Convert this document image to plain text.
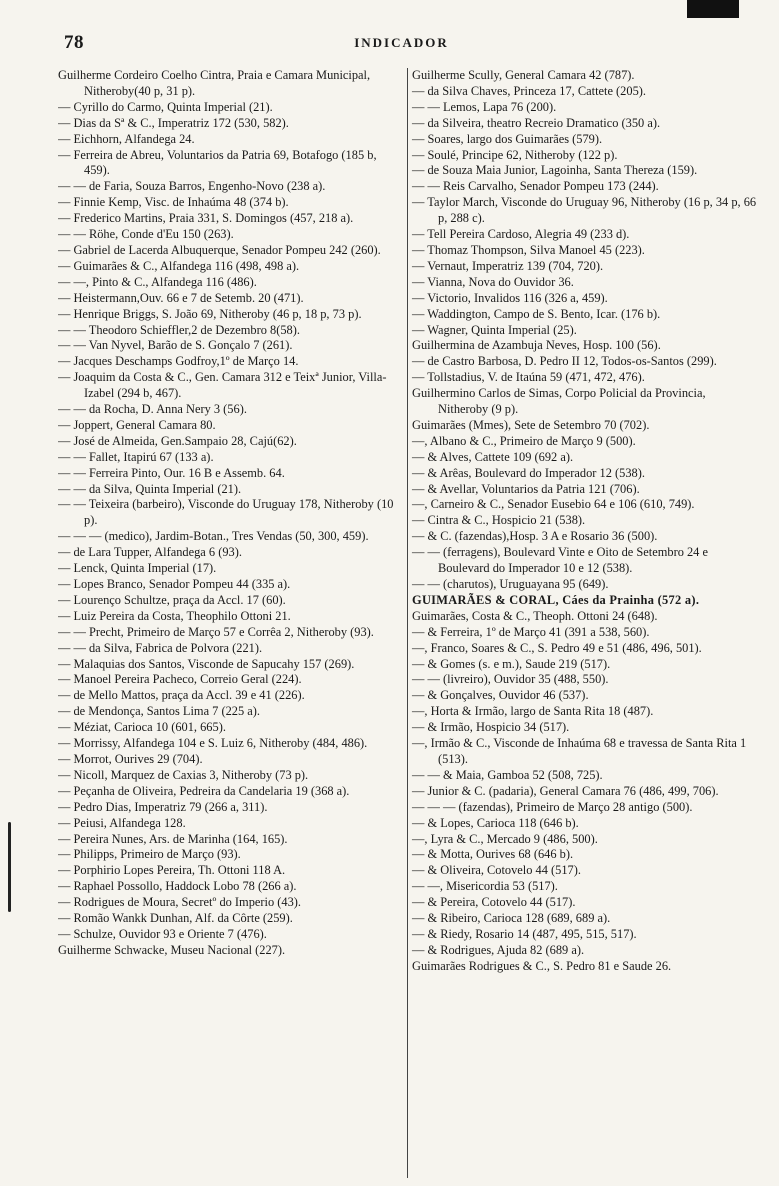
78	INDICADOR
Guilherme Cordeiro Coelho Cintra, Praia e Camara Municipal, Nitheroby(40 p, 31 p).
— Cyrillo do Carmo, Quinta Imperial (21).
— Dias da Sª & C., Imperatriz 172 (530, 582).
— Eichhorn, Alfandega 24.
— Ferreira de Abreu, Voluntarios da Patria 69, Botafogo (185 b, 459).
— — de Faria, Souza Barros, Engenho-Novo (238 a).
— Finnie Kemp, Visc. de Inhaúma 48 (374 b).
— Frederico Martins, Praia 331, S. Domingos (457, 218 a).
— — Röhe, Conde d'Eu 150 (263).
— Gabriel de Lacerda Albuquerque, Senador Pompeu 242 (260).
— Guimarães & C., Alfandega 116 (498, 498 a).
— —, Pinto & C., Alfandega 116 (486).
— Heistermann,Ouv. 66 e 7 de Setemb. 20 (471).
— Henrique Briggs, S. João 69, Nitheroby (46 p, 18 p, 73 p).
— — Theodoro Schieffler,2 de Dezembro 8(58).
— — Van Nyvel, Barão de S. Gonçalo 7 (261).
— Jacques Deschamps Godfroy,1º de Março 14.
— Joaquim da Costa & C., Gen. Camara 312 e Teixª Junior, Villa-Izabel (294 b, 467).
— — da Rocha, D. Anna Nery 3 (56).
— Joppert, General Camara 80.
— José de Almeida, Gen.Sampaio 28, Cajú(62).
— — Fallet, Itapirú 67 (133 a).
— — Ferreira Pinto, Our. 16 B e Assemb. 64.
— — da Silva, Quinta Imperial (21).
— — Teixeira (barbeiro), Visconde do Uruguay 178, Nitheroby (10 p).
— — — (medico), Jardim-Botan., Tres Vendas (50, 300, 459).
— de Lara Tupper, Alfandega 6 (93).
— Lenck, Quinta Imperial (17).
— Lopes Branco, Senador Pompeu 44 (335 a).
— Lourenço Schultze, praça da Accl. 17 (60).
— Luiz Pereira da Costa, Theophilo Ottoni 21.
— — Precht, Primeiro de Março 57 e Corrêa 2, Nitheroby (93).
— — da Silva, Fabrica de Polvora (221).
— Malaquias dos Santos, Visconde de Sapucahy 157 (269).
— Manoel Pereira Pacheco, Correio Geral (224).
— de Mello Mattos, praça da Accl. 39 e 41 (226).
— de Mendonça, Santos Lima 7 (225 a).
— Méziat, Carioca 10 (601, 665).
— Morrissy, Alfandega 104 e S. Luiz 6, Nitheroby (484, 486).
— Morrot, Ourives 29 (704).
— Nicoll, Marquez de Caxias 3, Nitheroby (73 p).
— Peçanha de Oliveira, Pedreira da Candelaria 19 (368 a).
— Pedro Dias, Imperatriz 79 (266 a, 311).
— Peiusi, Alfandega 128.
— Pereira Nunes, Ars. de Marinha (164, 165).
— Philipps, Primeiro de Março (93).
— Porphirio Lopes Pereira, Th. Ottoni 118 A.
— Raphael Possollo, Haddock Lobo 78 (266 a).
— Rodrigues de Moura, Secretº do Imperio (43).
— Romão Wankk Dunhan, Alf. da Côrte (259).
— Schulze, Ouvidor 93 e Oriente 7 (476).
Guilherme Schwacke, Museu Nacional (227).
Guilherme Scully, General Camara 42 (787).
— da Silva Chaves, Princeza 17, Cattete (205).
— — Lemos, Lapa 76 (200).
— da Silveira, theatro Recreio Dramatico (350 a).
— Soares, largo dos Guimarães (579).
— Soulé, Principe 62, Nitheroby (122 p).
— de Souza Maia Junior, Lagoinha, Santa Thereza (159).
— — Reis Carvalho, Senador Pompeu 173 (244).
— Taylor March, Visconde do Uruguay 96, Nitheroby (16 p, 34 p, 66 p, 288 c).
— Tell Pereira Cardoso, Alegria 49 (233 d).
— Thomaz Thompson, Silva Manoel 45 (223).
— Vernaut, Imperatriz 139 (704, 720).
— Vianna, Nova do Ouvidor 36.
— Victorio, Invalidos 116 (326 a, 459).
— Waddington, Campo de S. Bento, Icar. (176 b).
— Wagner, Quinta Imperial (25).
Guilhermina de Azambuja Neves, Hosp. 100 (56).
— de Castro Barbosa, D. Pedro II 12, Todos-os-Santos (299).
— Tollstadius, V. de Itaúna 59 (471, 472, 476).
Guilhermino Carlos de Simas, Corpo Policial da Provincia, Nitheroby (9 p).
Guimarães (Mmes), Sete de Setembro 70 (702).
—, Albano & C., Primeiro de Março 9 (500).
— & Alves, Cattete 109 (692 a).
— & Arêas, Boulevard do Imperador 12 (538).
— & Avellar, Voluntarios da Patria 121 (706).
—, Carneiro & C., Senador Eusebio 64 e 106 (610, 749).
— Cintra & C., Hospicio 21 (538).
— & C. (fazendas),Hosp. 3 A e Rosario 36 (500).
— — (ferragens), Boulevard Vinte e Oito de Setembro 24 e Boulevard do Imperador 10 e 12 (538).
— — (charutos), Uruguayana 95 (649).
GUIMARÃES & CORAL, Cáes da Prainha (572 a).
Guimarães, Costa & C., Theoph. Ottoni 24 (648).
— & Ferreira, 1º de Março 41 (391 a 538, 560).
—, Franco, Soares & C., S. Pedro 49 e 51 (486, 496, 501).
— & Gomes (s. e m.), Saude 219 (517).
— — (livreiro), Ouvidor 35 (488, 550).
— & Gonçalves, Ouvidor 46 (537).
—, Horta & Irmão, largo de Santa Rita 18 (487).
— & Irmão, Hospicio 34 (517).
—, Irmão & C., Visconde de Inhaúma 68 e travessa de Santa Rita 1 (513).
— — & Maia, Gamboa 52 (508, 725).
— Junior & C. (padaria), General Camara 76 (486, 499, 706).
— — — (fazendas), Primeiro de Março 28 antigo (500).
— & Lopes, Carioca 118 (646 b).
—, Lyra & C., Mercado 9 (486, 500).
— & Motta, Ourives 68 (646 b).
— & Oliveira, Cotovelo 44 (517).
— —, Misericordia 53 (517).
— & Pereira, Cotovelo 44 (517).
— & Ribeiro, Carioca 128 (689, 689 a).
— & Riedy, Rosario 14 (487, 495, 515, 517).
— & Rodrigues, Ajuda 82 (689 a).
Guimarães Rodrigues & C., S. Pedro 81 e Saude 26.
